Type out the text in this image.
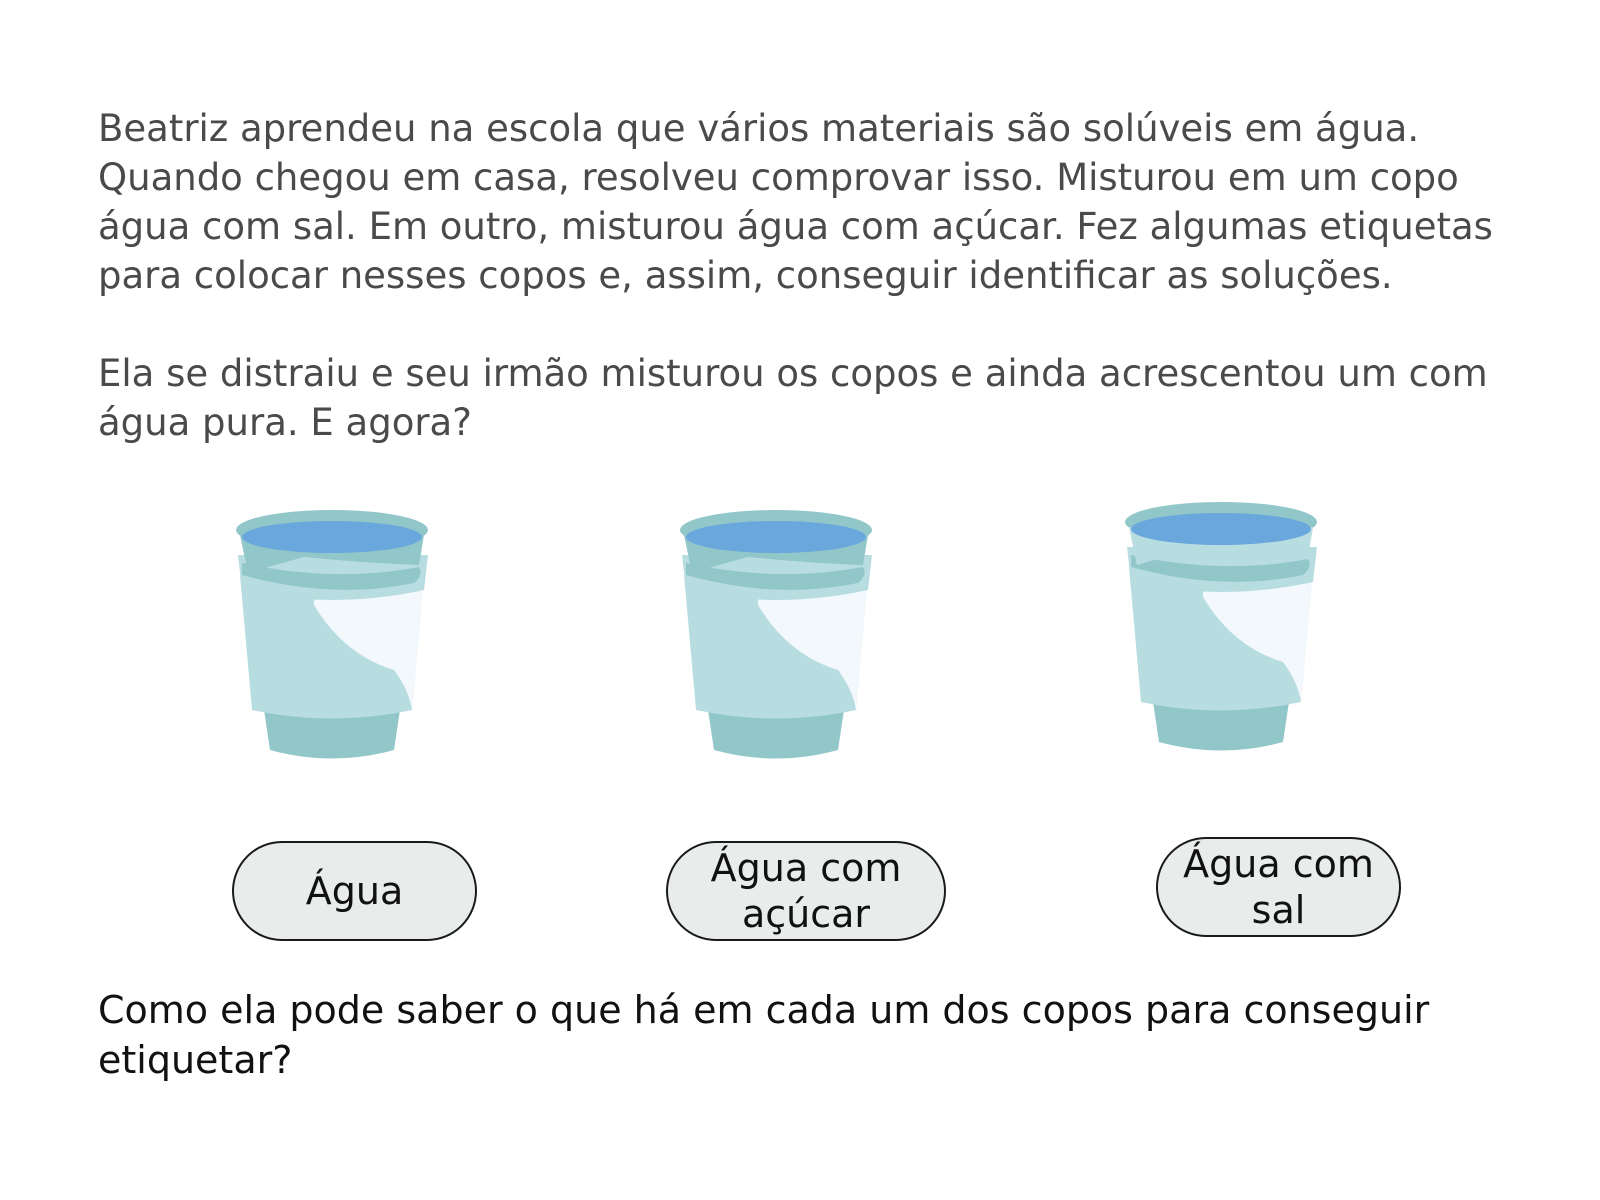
Beatriz aprendeu na escola que vários materiais são solúveis em água. Quando chegou em casa, resolveu comprovar isso. Misturou em um copo água com sal. Em outro, misturou água com açúcar. Fez algumas etiquetas para colocar nesses copos e, assim, conseguir identificar as soluções.

Ela se distraiu e seu irmão misturou os copos e ainda acrescentou um com água pura. E agora?

Água
Água com açúcar
Água com sal

Como ela pode saber o que há em cada um dos copos para conseguir etiquetar?
